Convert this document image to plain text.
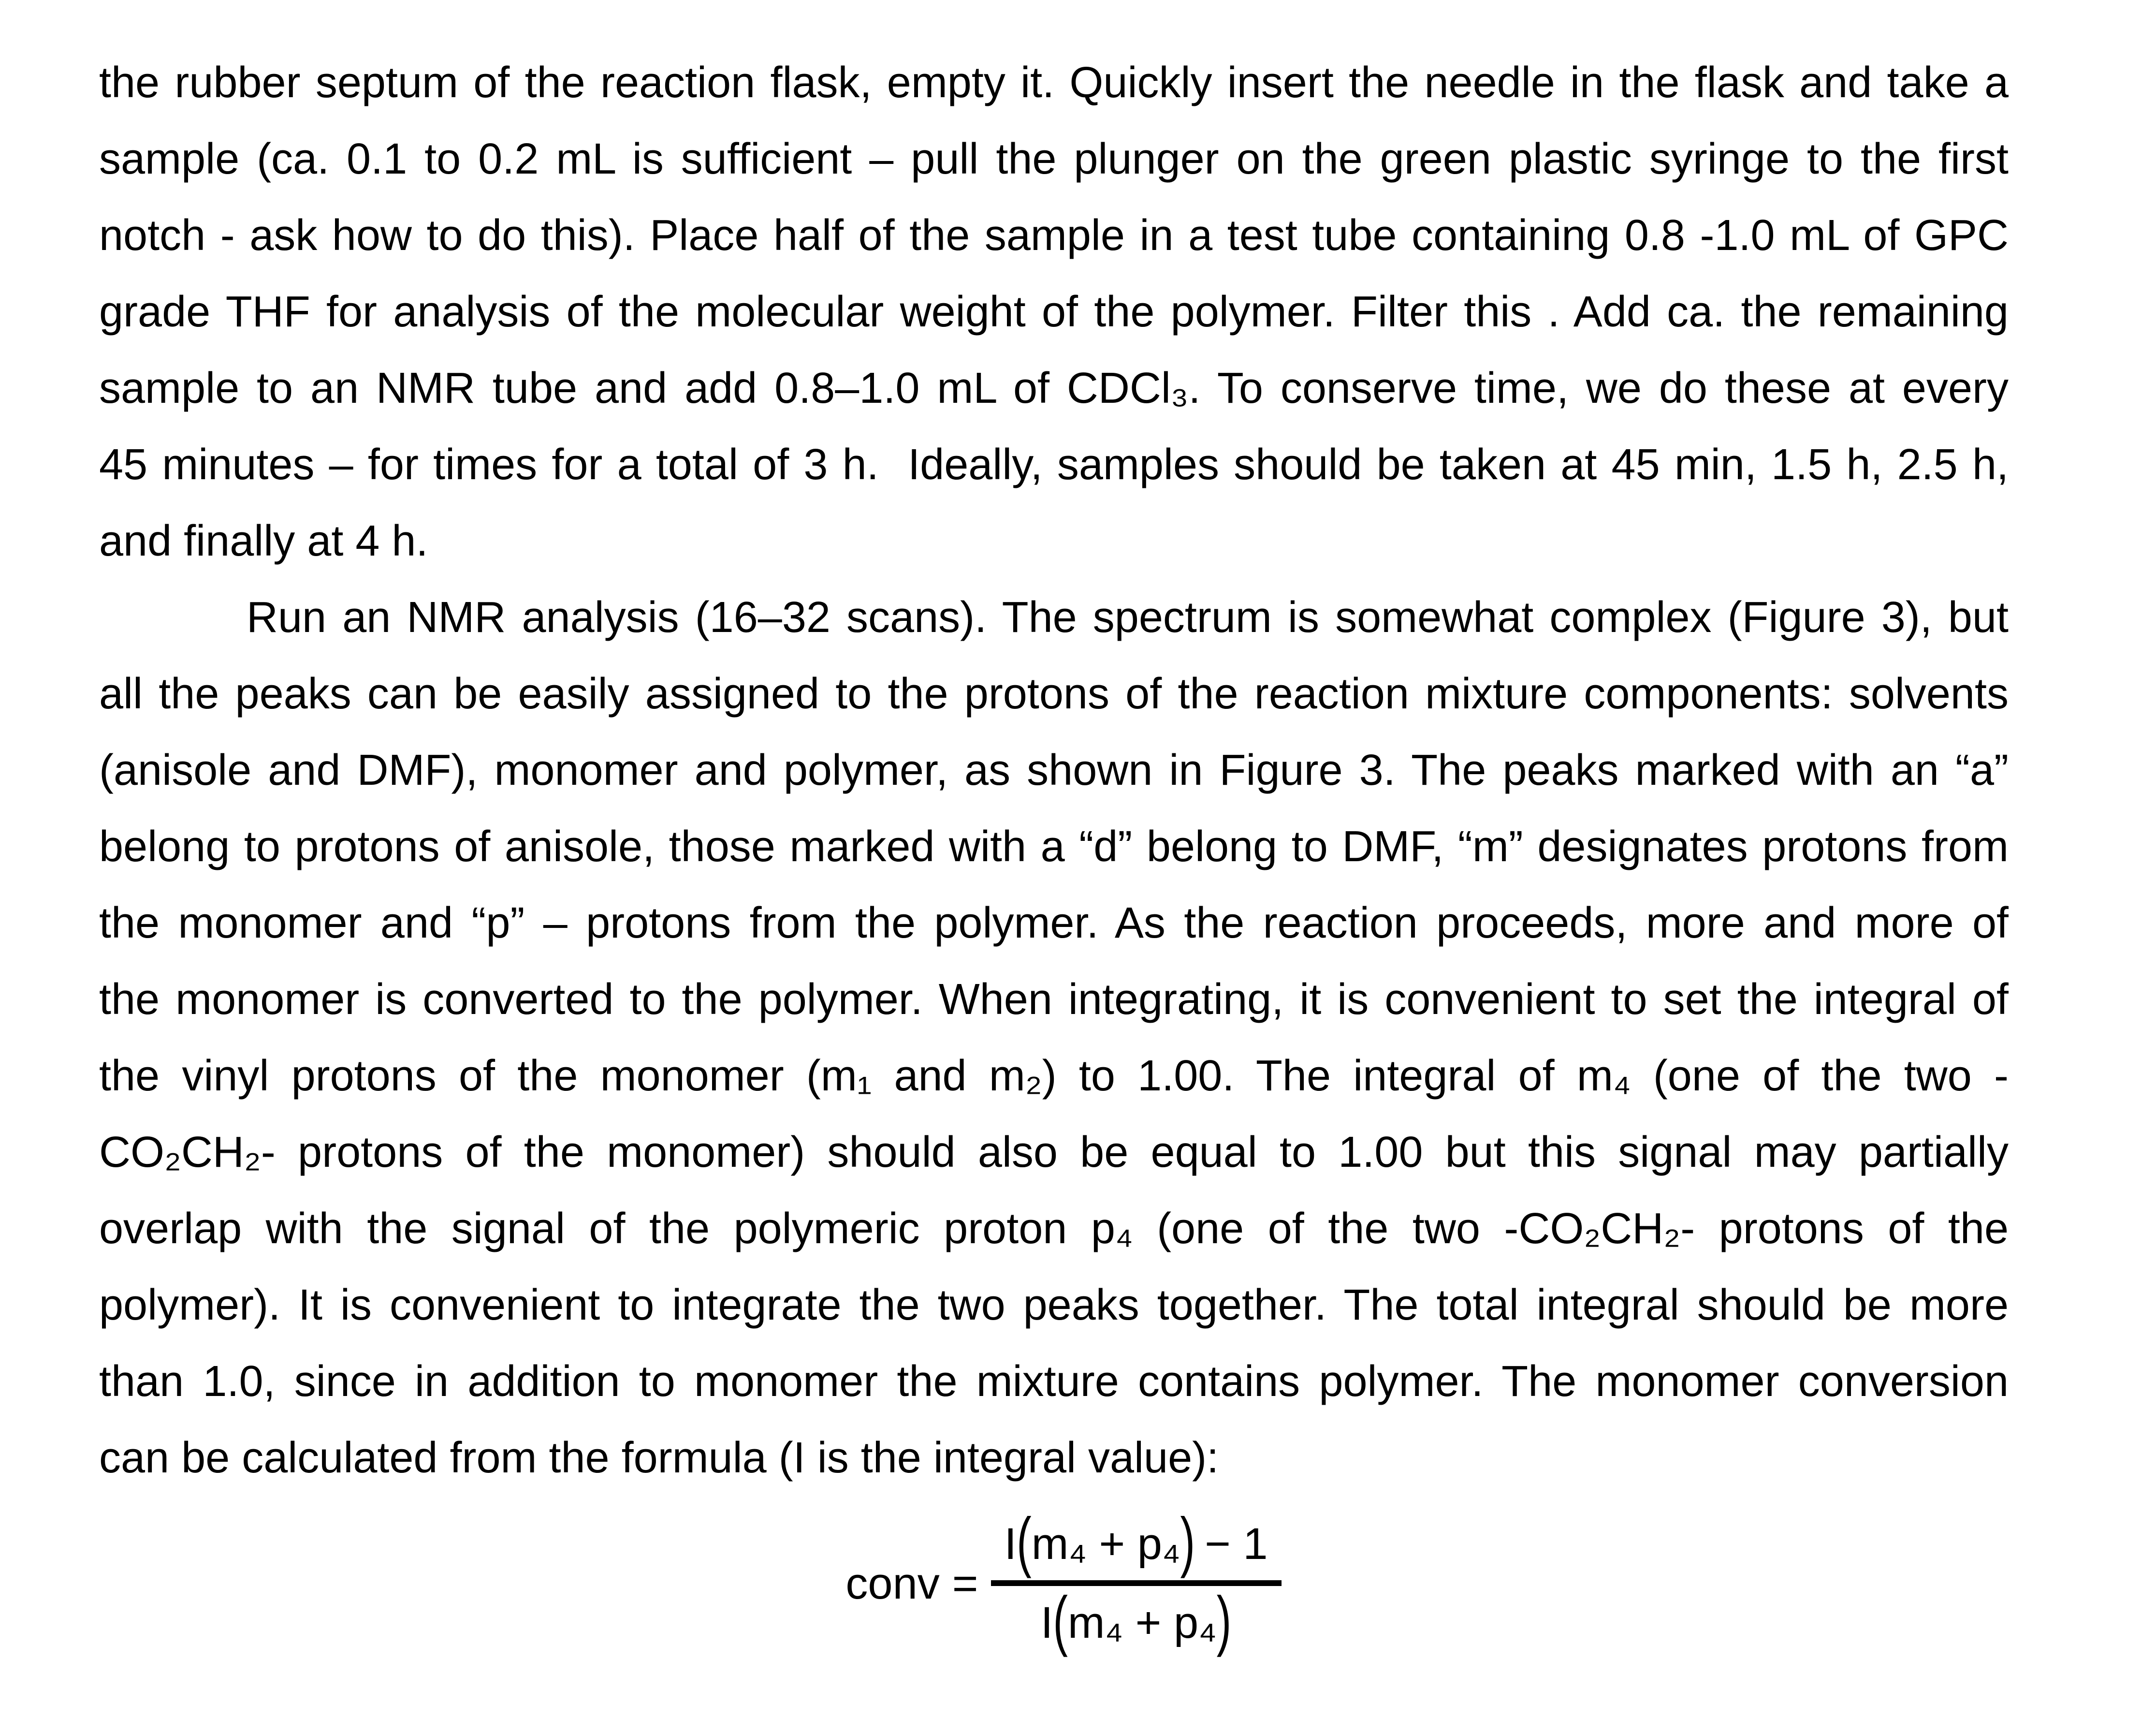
the rubber septum of the reaction flask, empty it. Quickly insert the needle in the flask and take a
sample (ca. 0.1 to 0.2 mL is sufficient – pull the plunger on the green plastic syringe to the first
notch - ask how to do this). Place half of the sample in a test tube containing 0.8 -1.0 mL of GPC
grade THF for analysis of the molecular weight of the polymer. Filter this . Add ca. the remaining
sample to an NMR tube and add 0.8–1.0 mL of CDCl₃. To conserve time, we do these at every
45 minutes – for times for a total of 3 h.  Ideally, samples should be taken at 45 min, 1.5 h, 2.5 h,
and finally at 4 h.
Run an NMR analysis (16–32 scans). The spectrum is somewhat complex (Figure 3), but
all the peaks can be easily assigned to the protons of the reaction mixture components: solvents
(anisole and DMF), monomer and polymer, as shown in Figure 3. The peaks marked with an “a”
belong to protons of anisole, those marked with a “d” belong to DMF, “m” designates protons from
the monomer and “p” – protons from the polymer. As the reaction proceeds, more and more of
the monomer is converted to the polymer. When integrating, it is convenient to set the integral of
the vinyl protons of the monomer (m₁ and m₂) to 1.00. The integral of m₄ (one of the two -
CO₂CH₂- protons of the monomer) should also be equal to 1.00 but this signal may partially
overlap with the signal of the polymeric proton p₄ (one of the two -CO₂CH₂- protons of the
polymer). It is convenient to integrate the two peaks together. The total integral should be more
than 1.0, since in addition to monomer the mixture contains polymer. The monomer conversion
can be calculated from the formula (I is the integral value):
conv =
I(m₄ + p₄) − 1
I(m₄ + p₄)
